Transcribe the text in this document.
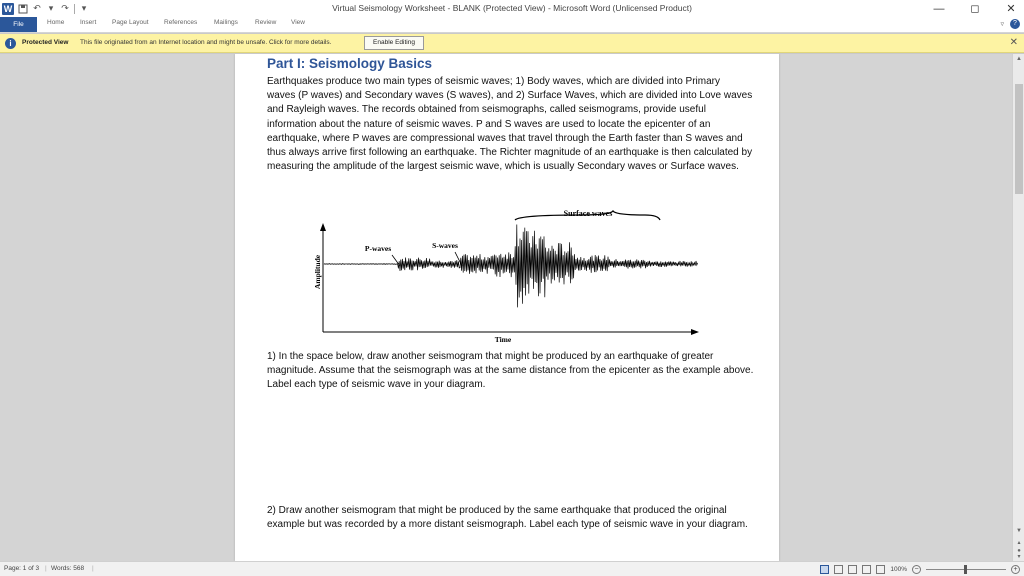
W ↶ ▾ ↷	▾	Virtual Seismology Worksheet - BLANK (Protected View) - Microsoft Word (Unlicensed Product)	— ◻ ✕
File	Home Insert Page Layout References	Mailings	Review View	▿	?
i	Protected View This file originated from an Internet location and might be unsafe. Click for more details.	Enable Editing	✕
Part I: Seismology Basics
Earthquakes produce two main types of seismic waves; 1) Body waves, which are divided into Primary
waves (P waves) and Secondary waves (S waves), and 2) Surface Waves, which are divided into Love waves and Rayleigh waves. The records obtained from seismographs, called seismograms, provide useful information about the nature of seismic waves. P and S waves are used to locate the epicenter of an earthquake, where P waves are compressional waves that travel through the Earth faster than S waves and thus always arrive first following an earthquake. The Richter magnitude of an earthquake is then calculated by measuring the amplitude of the largest seismic wave, which is usually Secondary waves or Surface waves.
Surface waves
P-waves	S-waves
Amplitude
Time
1) In the space below, draw another seismogram that might be produced by an earthquake of greater magnitude. Assume that the seismograph was at the same distance from the epicenter as the example above. Label each type of seismic wave in your diagram.
2) Draw another seismogram that might be produced by the same earthquake that produced the original example but was recorded by a more distant seismograph. Label each type of seismic wave in your diagram.
▲
▼
▴
●
▾
Page: 1 of 3 | Words: 568 |	100%	−	+
